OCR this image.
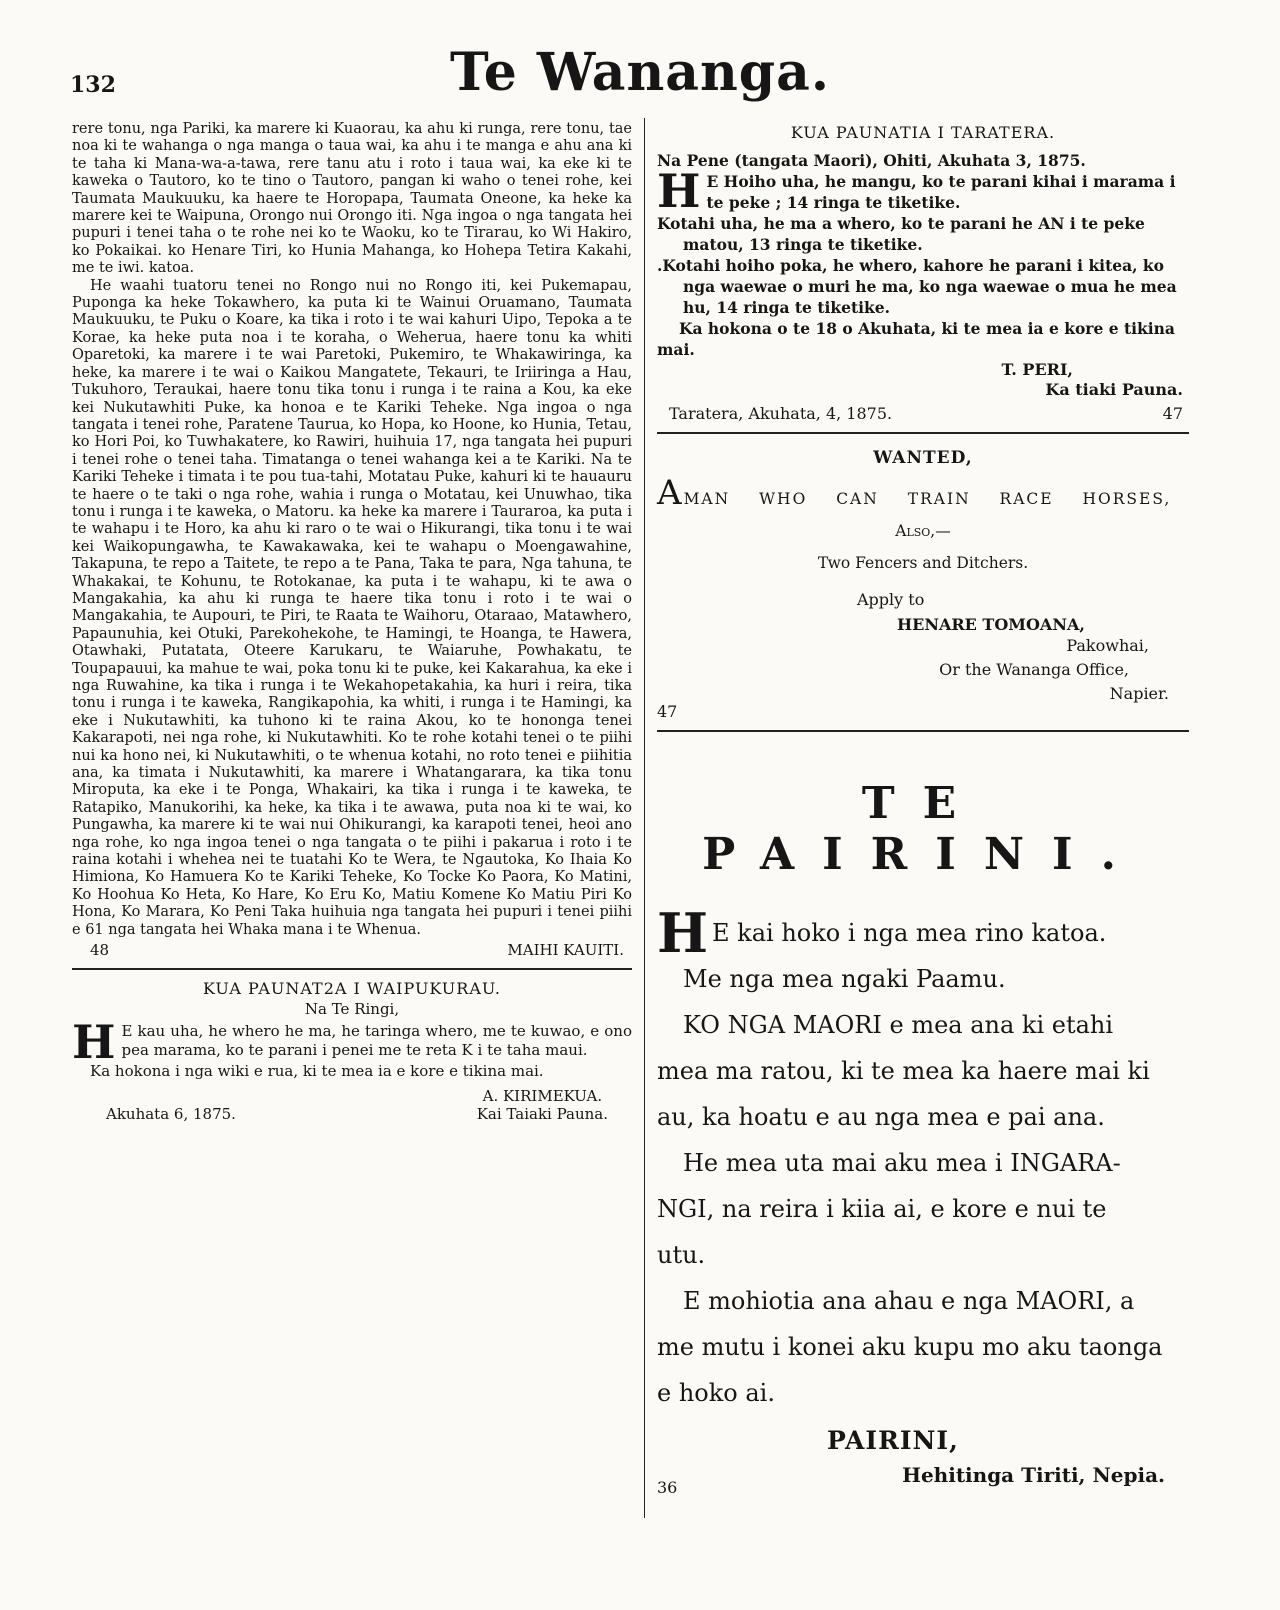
132	Te Wananga.

rere tonu, nga Pariki, ka marere ki Kuaorau, ka ahu ki runga, rere tonu, tae noa ki te wahanga o nga manga o taua wai, ka ahu i te manga e ahu ana ki te taha ki Mana-wa-a-tawa, rere tanu atu i roto i taua wai, ka eke ki te kaweka o Tautoro, ko te tino o Tautoro, pangan ki waho o tenei rohe, kei Taumata Maukuuku, ka haere te Horopapa, Taumata Oneone, ka heke ka marere kei te Waipuna, Orongo nui Orongo iti. Nga ingoa o nga tangata hei pupuri i tenei taha o te rohe nei ko te Waoku, ko te Tirarau, ko Wi Hakiro, ko Pokaikai. ko Henare Tiri, ko Hunia Mahanga, ko Hohepa Tetira Kakahi, me te iwi. katoa.

He waahi tuatoru tenei no Rongo nui no Rongo iti, kei Pukemapau, Puponga ka heke Tokawhero, ka puta ki te Wainui Oruamano, Taumata Maukuuku, te Puku o Koare, ka tika i roto i te wai kahuri Uipo, Tepoka a te Korae, ka heke puta noa i te koraha, o Weherua, haere tonu ka whiti Oparetoki, ka marere i te wai Paretoki, Pukemiro, te Whakawiringa, ka heke, ka marere i te wai o Kaikou Mangatete, Tekauri, te Iriiringa a Hau, Tukuhoro, Teraukai, haere tonu tika tonu i runga i te raina a Kou, ka eke kei Nukutawhiti Puke, ka honoa e te Kariki Teheke. Nga ingoa o nga tangata i tenei rohe, Paratene Taurua, ko Hopa, ko Hoone, ko Hunia, Tetau, ko Hori Poi, ko Tuwhakatere, ko Rawiri, huihuia 17, nga tangata hei pupuri i tenei rohe o tenei taha. Timatanga o tenei wahanga kei a te Kariki. Na te Kariki Teheke i timata i te pou tua-tahi, Motatau Puke, kahuri ki te hauauru te haere o te taki o nga rohe, wahia i runga o Motatau, kei Unuwhao, tika tonu i runga i te kaweka, o Matoru. ka heke ka marere i Tauraroa, ka puta i te wahapu i te Horo, ka ahu ki raro o te wai o Hikurangi, tika tonu i te wai kei Waikopungawha, te Kawakawaka, kei te wahapu o Moengawahine, Takapuna, te repo a Taitete, te repo a te Pana, Taka te para, Nga tahuna, te Whakakai, te Kohunu, te Rotokanae, ka puta i te wahapu, ki te awa o Mangakahia, ka ahu ki runga te haere tika tonu i roto i te wai o Mangakahia, te Aupouri, te Piri, te Raata te Waihoru, Otaraao, Matawhero, Papaunuhia, kei Otuki, Parekohekohe, te Hamingi, te Hoanga, te Hawera, Otawhaki, Putatata, Oteere Karukaru, te Waiaruhe, Powhakatu, te Toupapauui, ka mahue te wai, poka tonu ki te puke, kei Kakarahua, ka eke i nga Ruwahine, ka tika i runga i te Wekahopetakahia, ka huri i reira, tika tonu i runga i te kaweka, Rangikapohia, ka whiti, i runga i te Hamingi, ka eke i Nukutawhiti, ka tuhono ki te raina Akou, ko te hononga tenei Kakarapoti, nei nga rohe, ki Nukutawhiti. Ko te rohe kotahi tenei o te piihi nui ka hono nei, ki Nukutawhiti, o te whenua kotahi, no roto tenei e piihitia ana, ka timata i Nukutawhiti, ka marere i Whatangarara, ka tika tonu Miroputa, ka eke i te Ponga, Whakairi, ka tika i runga i te kaweka, te Ratapiko, Manukorihi, ka heke, ka tika i te awawa, puta noa ki te wai, ko Pungawha, ka marere ki te wai nui Ohikurangi, ka karapoti tenei, heoi ano nga rohe, ko nga ingoa tenei o nga tangata o te piihi i pakarua i roto i te raina kotahi i whehea nei te tuatahi Ko te Wera, te Ngautoka, Ko Ihaia Ko Himiona, Ko Hamuera Ko te Kariki Teheke, Ko Tocke Ko Paora, Ko Matini, Ko Hoohua Ko Heta, Ko Hare, Ko Eru Ko, Matiu Komene Ko Matiu Piri Ko Hona, Ko Marara, Ko Peni Taka huihuia nga tangata hei pupuri i tenei piihi e 61 nga tangata hei Whaka mana i te Whenua.

48	MAIHI KAUITI.
KUA PAUNAT2A I WAIPUKURAU.
Na Te Ringi,
H E kau uha, he whero he ma, he taringa whero, me te kuwao, e ono pea marama, ko te parani i penei me te reta K i te taha maui.

Ka hokona i nga wiki e rua, ki te mea ia e kore e tikina mai.

Akuhata 6, 1875.
A. KIRIMEKUA.
Kai Taiaki Pauna.
KUA PAUNATIA I TARATERA.

Na Pene (tangata Maori), Ohiti, Akuhata 3, 1875.

H E Hoiho uha, he mangu, ko te parani kihai i marama i te peke ; 14 ringa te tiketike.

Kotahi uha, he ma a whero, ko te parani he AN i te peke matou, 13 ringa te tiketike.

.Kotahi hoiho poka, he whero, kahore he parani i kitea, ko nga waewae o muri he ma, ko nga waewae o mua he mea hu, 14 ringa te tiketike.

Ka hokona o te 18 o Akuhata, ki te mea ia e kore e tikina mai.

T. PERI,
Ka tiaki Pauna.
Taratera, Akuhata, 4, 1875.	47
WANTED,
A MAN WHO CAN TRAIN RACE HORSES,
Also,—
Two Fencers and Ditchers.
Apply to
HENARE TOMOANA,
Pakowhai,
Or the Wananga Office,
Napier.
47
TE PAIRINI.
H E kai hoko i nga mea rino katoa.

Me nga mea ngaki Paamu.

KO NGA MAORI e mea ana ki etahi

mea ma ratou, ki te mea ka haere mai ki

au, ka hoatu e au nga mea e pai ana.

He mea uta mai aku mea i INGARA-

NGI, na reira i kiia ai, e kore e nui te

utu.

E mohiotia ana ahau e nga MAORI, a

me mutu i konei aku kupu mo aku taonga

e hoko ai.

PAIRINI,
Hehitinga Tiriti, Nepia.
36
